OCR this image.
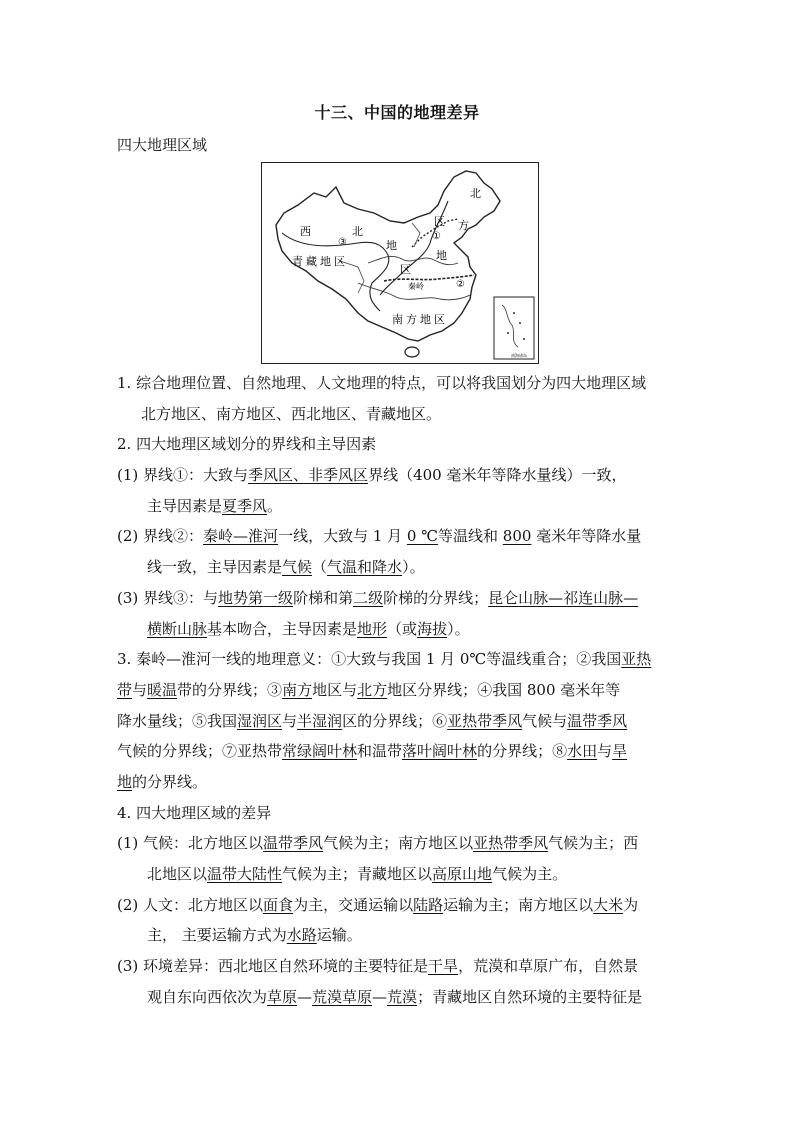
十三、中国的地理差异
四大地理区域
西	北
地
区
北
区 方
地
青藏地区
南方地区
秦岭
①
②
③
南海诸岛
1. 综合地理位置、自然地理、人文地理的特点，可以将我国划分为四大地理区域
北方地区、南方地区、西北地区、青藏地区。
2. 四大地理区域划分的界线和主导因素
(1) 界线①：大致与季风区、非季风区界线（400 毫米年等降水量线）一致，
主导因素是夏季风。
(2) 界线②：秦岭—淮河一线，大致与 1 月 0 ℃等温线和 800 毫米年等降水量
线一致，主导因素是气候（气温和降水）。
(3) 界线③：与地势第一级阶梯和第二级阶梯的分界线；昆仑山脉—祁连山脉—
横断山脉基本吻合，主导因素是地形（或海拔）。
3. 秦岭—淮河一线的地理意义：①大致与我国 1 月 0℃等温线重合；②我国亚热
带与暖温带的分界线；③南方地区与北方地区分界线；④我国 800 毫米年等
降水量线；⑤我国湿润区与半湿润区的分界线；⑥亚热带季风气候与温带季风
气候的分界线；⑦亚热带常绿阔叶林和温带落叶阔叶林的分界线；⑧水田与旱
地的分界线。
4. 四大地理区域的差异
(1) 气候：北方地区以温带季风气候为主；南方地区以亚热带季风气候为主；西
北地区以温带大陆性气候为主；青藏地区以高原山地气候为主。
(2) 人文：北方地区以面食为主，交通运输以陆路运输为主；南方地区以大米为
主， 主要运输方式为水路运输。
(3) 环境差异：西北地区自然环境的主要特征是干旱，荒漠和草原广布，自然景
观自东向西依次为草原—荒漠草原—荒漠；青藏地区自然环境的主要特征是
